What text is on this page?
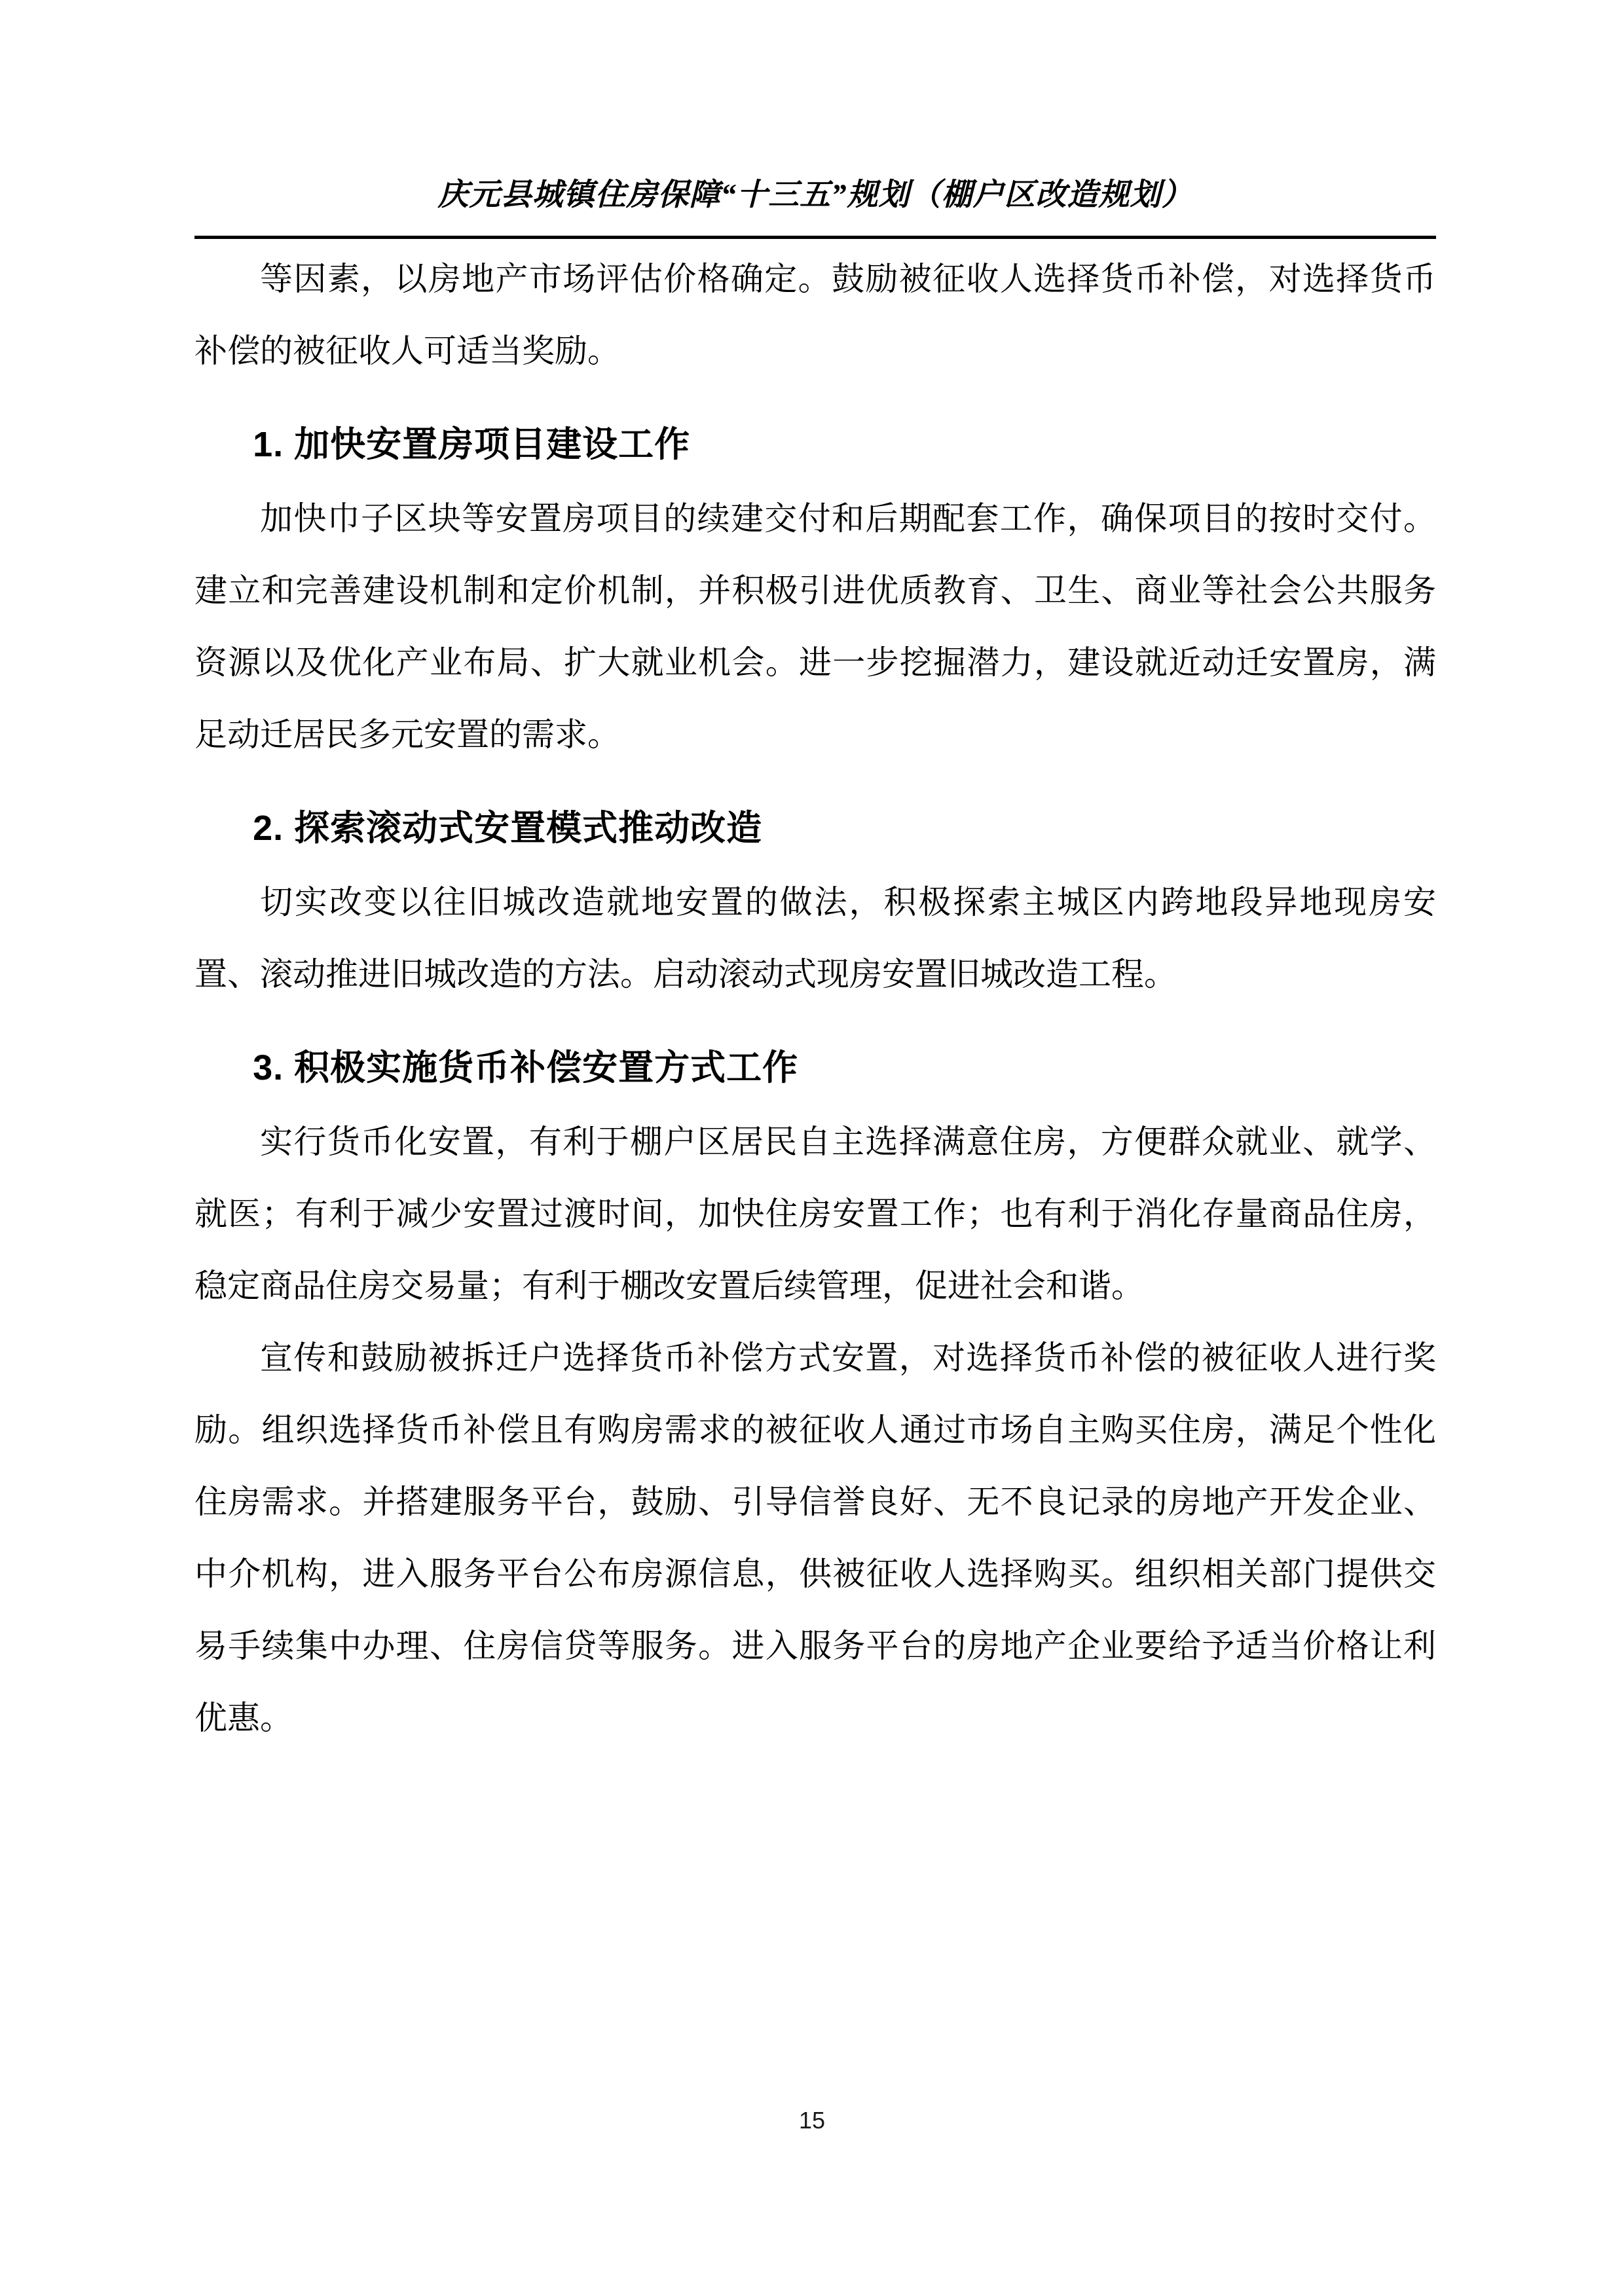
庆元县城镇住房保障“十三五”规划（棚户区改造规划）

等因素，以房地产市场评估价格确定。鼓励被征收人选择货币补偿，对选择货币补偿的被征收人可适当奖励。

1. 加快安置房项目建设工作

加快巾子区块等安置房项目的续建交付和后期配套工作，确保项目的按时交付。建立和完善建设机制和定价机制，并积极引进优质教育、卫生、商业等社会公共服务资源以及优化产业布局、扩大就业机会。进一步挖掘潜力，建设就近动迁安置房，满足动迁居民多元安置的需求。

2. 探索滚动式安置模式推动改造

切实改变以往旧城改造就地安置的做法，积极探索主城区内跨地段异地现房安置、滚动推进旧城改造的方法。启动滚动式现房安置旧城改造工程。

3. 积极实施货币补偿安置方式工作

实行货币化安置，有利于棚户区居民自主选择满意住房，方便群众就业、就学、就医；有利于减少安置过渡时间，加快住房安置工作；也有利于消化存量商品住房，稳定商品住房交易量；有利于棚改安置后续管理，促进社会和谐。

宣传和鼓励被拆迁户选择货币补偿方式安置，对选择货币补偿的被征收人进行奖励。组织选择货币补偿且有购房需求的被征收人通过市场自主购买住房，满足个性化住房需求。并搭建服务平台，鼓励、引导信誉良好、无不良记录的房地产开发企业、中介机构，进入服务平台公布房源信息，供被征收人选择购买。组织相关部门提供交易手续集中办理、住房信贷等服务。进入服务平台的房地产企业要给予适当价格让利优惠。

15
